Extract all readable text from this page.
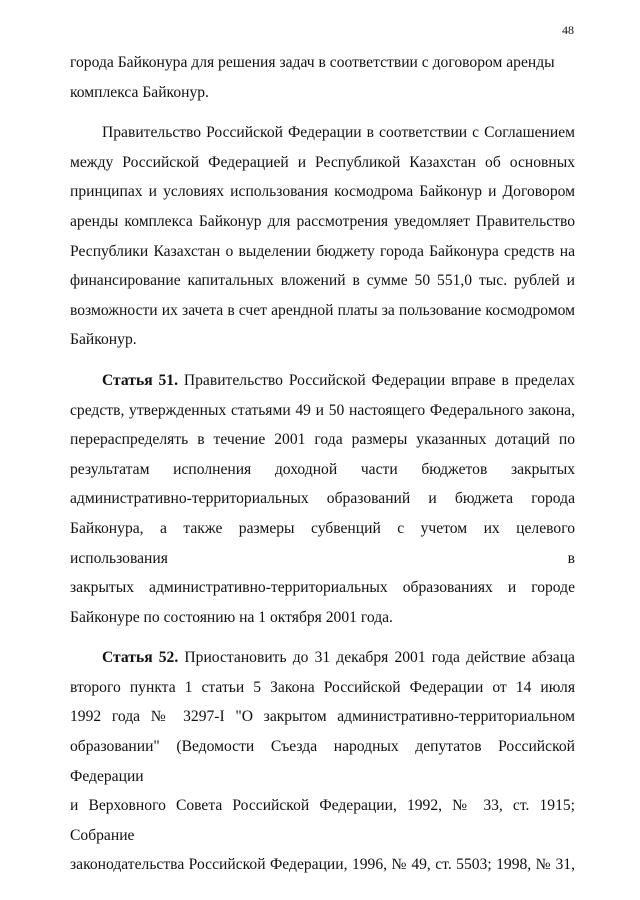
48
города Байконура для решения задач в соответствии с договором аренды
комплекса Байконур.
Правительство Российской Федерации в соответствии с Соглашением
между Российской Федерацией и Республикой Казахстан об основных
принципах и условиях использования космодрома Байконур и Договором
аренды комплекса Байконур для рассмотрения уведомляет Правительство
Республики Казахстан о выделении бюджету города Байконура средств на
финансирование капитальных вложений в сумме 50 551,0 тыс. рублей и
возможности их зачета в счет арендной платы за пользование космодромом
Байконур.
Статья 51. Правительство Российской Федерации вправе в пределах
средств, утвержденных статьями 49 и 50 настоящего Федерального закона,
перераспределять в течение 2001 года размеры указанных дотаций по
результатам исполнения доходной части бюджетов закрытых
административно-территориальных образований и бюджета города
Байконура, а также размеры субвенций с учетом их целевого использования в
закрытых административно-территориальных образованиях и городе
Байконуре по состоянию на 1 октября 2001 года.
Статья 52. Приостановить до 31 декабря 2001 года действие абзаца
второго пункта 1 статьи 5 Закона Российской Федерации от 14 июля
1992 года № 3297-I "О закрытом административно-территориальном
образовании" (Ведомости Съезда народных депутатов Российской Федерации
и Верховного Совета Российской Федерации, 1992, № 33, ст. 1915; Собрание
законодательства Российской Федерации, 1996, № 49, ст. 5503; 1998, № 31,
